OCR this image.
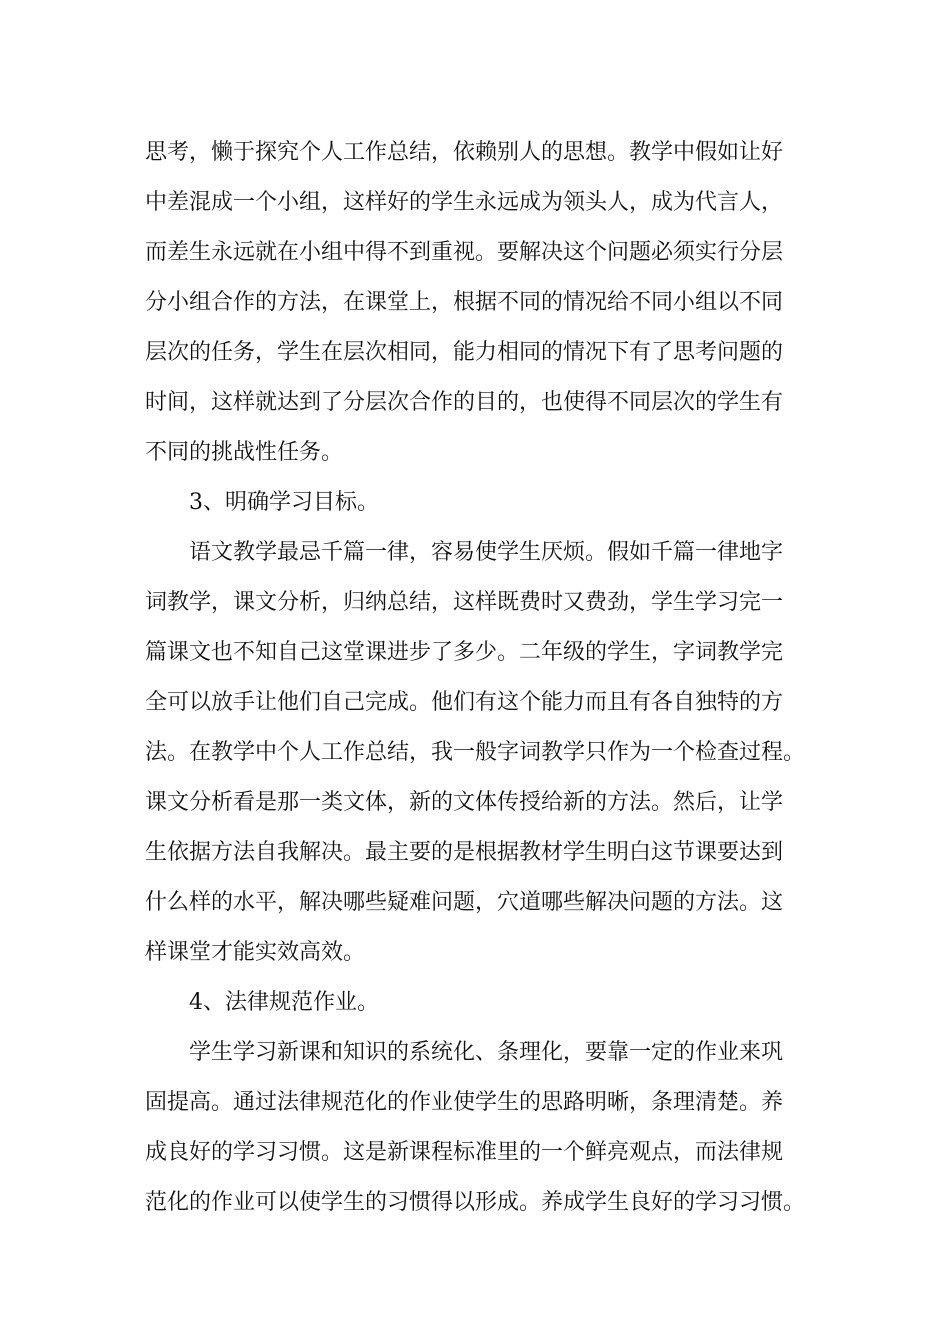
思考，懒于探究个人工作总结，依赖别人的思想。教学中假如让好
中差混成一个小组，这样好的学生永远成为领头人，成为代言人，
而差生永远就在小组中得不到重视。要解决这个问题必须实行分层
分小组合作的方法，在课堂上，根据不同的情况给不同小组以不同
层次的任务，学生在层次相同，能力相同的情况下有了思考问题的
时间，这样就达到了分层次合作的目的，也使得不同层次的学生有
不同的挑战性任务。
3、明确学习目标。
语文教学最忌千篇一律，容易使学生厌烦。假如千篇一律地字
词教学，课文分析，归纳总结，这样既费时又费劲，学生学习完一
篇课文也不知自己这堂课进步了多少。二年级的学生，字词教学完
全可以放手让他们自己完成。他们有这个能力而且有各自独特的方
法。在教学中个人工作总结，我一般字词教学只作为一个检查过程。
课文分析看是那一类文体，新的文体传授给新的方法。然后，让学
生依据方法自我解决。最主要的是根据教材学生明白这节课要达到
什么样的水平，解决哪些疑难问题，穴道哪些解决问题的方法。这
样课堂才能实效高效。
4、法律规范作业。
学生学习新课和知识的系统化、条理化，要靠一定的作业来巩
固提高。通过法律规范化的作业使学生的思路明晰，条理清楚。养
成良好的学习习惯。这是新课程标准里的一个鲜亮观点，而法律规
范化的作业可以使学生的习惯得以形成。养成学生良好的学习习惯。
